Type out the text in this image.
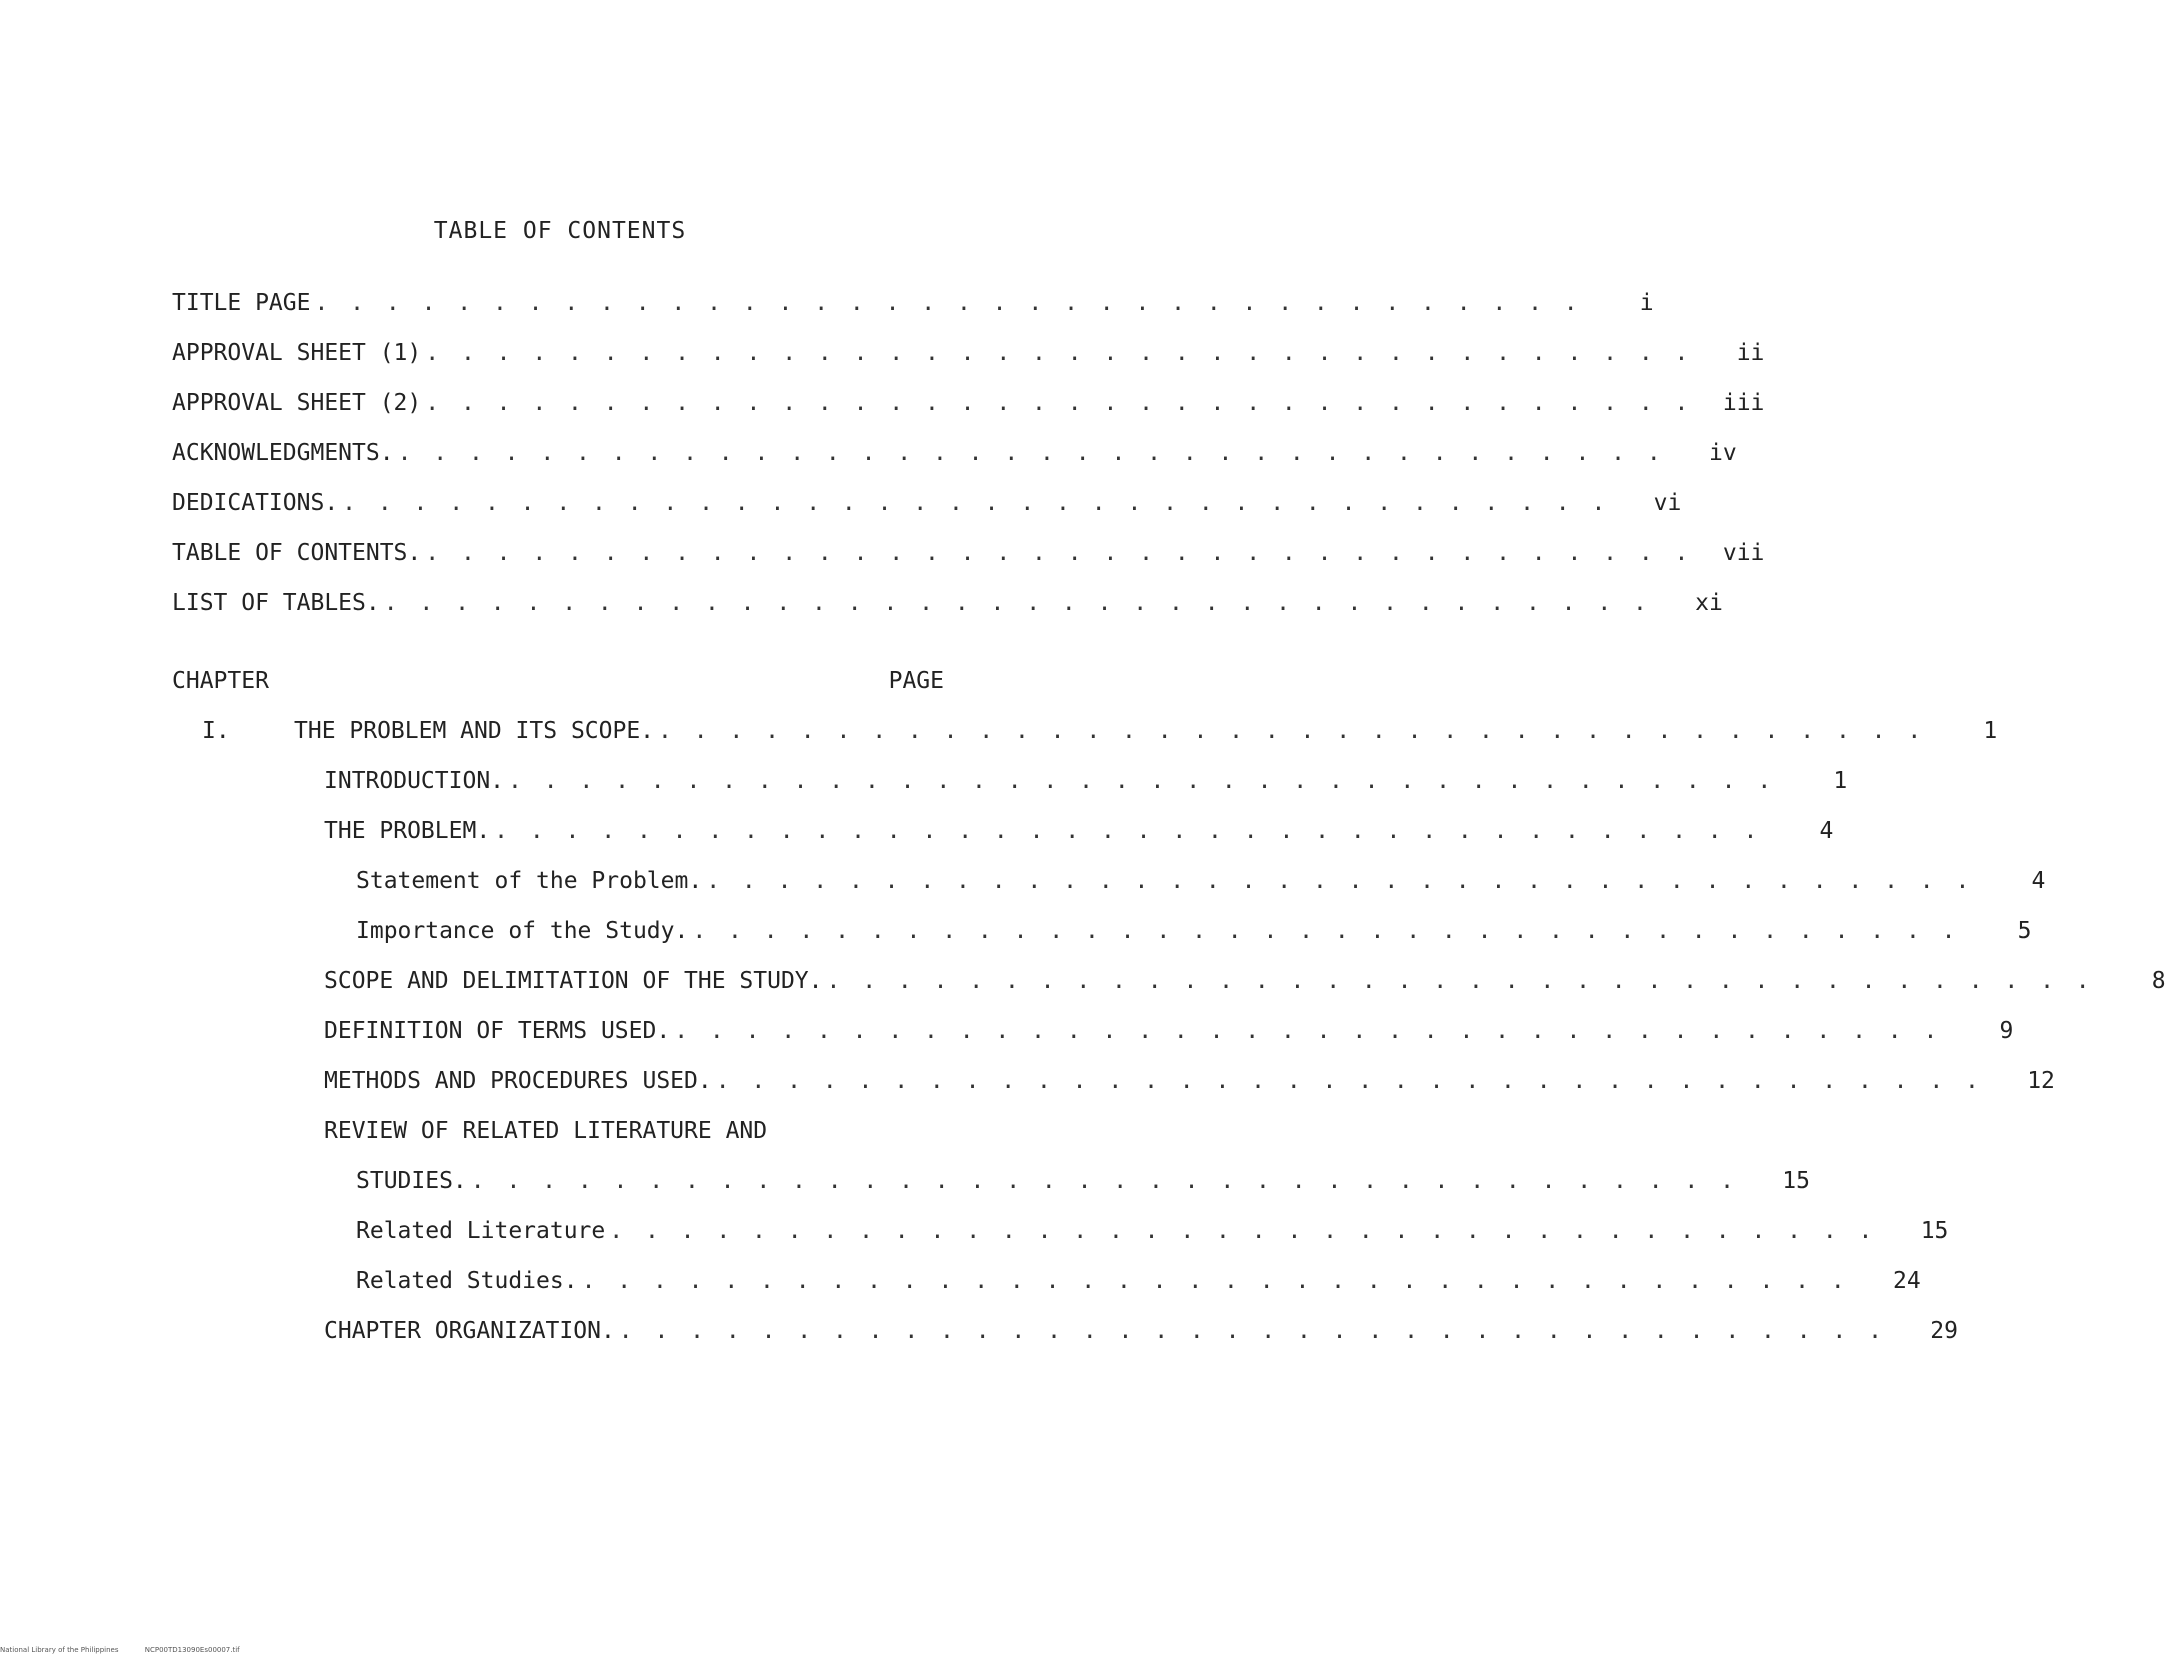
TABLE OF CONTENTS
TITLE PAGE . . . . . . . . . . . . . . . . . . . . . . . . . . . . . . . . . . . .	i
APPROVAL SHEET (1) . . . . . . . . . . . . . . . . . . . . . . . . . . . . . . . . . . . .	ii
APPROVAL SHEET (2) . . . . . . . . . . . . . . . . . . . . . . . . . . . . . . . . . . . .	iii
ACKNOWLEDGMENTS. . . . . . . . . . . . . . . . . . . . . . . . . . . . . . . . . . . . .	iv
DEDICATIONS. . . . . . . . . . . . . . . . . . . . . . . . . . . . . . . . . . . . .	vi
TABLE OF CONTENTS. . . . . . . . . . . . . . . . . . . . . . . . . . . . . . . . . . . . .	vii
LIST OF TABLES. . . . . . . . . . . . . . . . . . . . . . . . . . . . . . . . . . . . .	xi
CHAPTER	PAGE
I.	THE PROBLEM AND ITS SCOPE. . . . . . . . . . . . . . . . . . . . . . . . . . . . . . . . . . . . .	1
INTRODUCTION. . . . . . . . . . . . . . . . . . . . . . . . . . . . . . . . . . . . .	1
THE PROBLEM. . . . . . . . . . . . . . . . . . . . . . . . . . . . . . . . . . . . .	4
Statement of the Problem. . . . . . . . . . . . . . . . . . . . . . . . . . . . . . . . . . . . .	4
Importance of the Study. . . . . . . . . . . . . . . . . . . . . . . . . . . . . . . . . . . . .	5
SCOPE AND DELIMITATION OF THE STUDY. . . . . . . . . . . . . . . . . . . . . . . . . . . . . . . . . . . . .	8
DEFINITION OF TERMS USED. . . . . . . . . . . . . . . . . . . . . . . . . . . . . . . . . . . . .	9
METHODS AND PROCEDURES USED. . . . . . . . . . . . . . . . . . . . . . . . . . . . . . . . . . . . .	12
REVIEW OF RELATED LITERATURE AND
STUDIES. . . . . . . . . . . . . . . . . . . . . . . . . . . . . . . . . . . . .	15
Related Literature . . . . . . . . . . . . . . . . . . . . . . . . . . . . . . . . . . . .	15
Related Studies. . . . . . . . . . . . . . . . . . . . . . . . . . . . . . . . . . . . .	24
CHAPTER ORGANIZATION. . . . . . . . . . . . . . . . . . . . . . . . . . . . . . . . . . . . .	29
National Library of the Philippines	NCP00TD13090Es00007.tif
